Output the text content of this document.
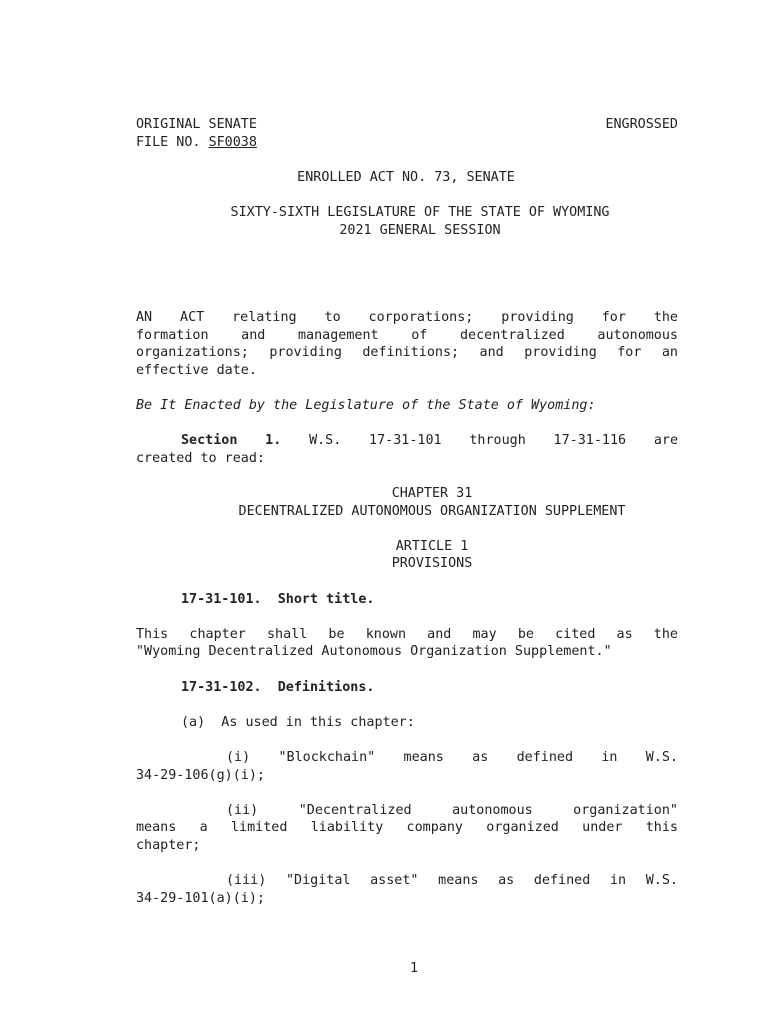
ORIGINAL SENATE	ENGROSSED
FILE NO. SF0038

ENROLLED ACT NO. 73, SENATE

SIXTY-SIXTH LEGISLATURE OF THE STATE OF WYOMING

2021 GENERAL SESSION

AN ACT relating to corporations; providing for the

formation and management of decentralized autonomous

organizations; providing definitions; and providing for an

effective date.

Be It Enacted by the Legislature of the State of Wyoming:

Section 1. W.S. 17-31-101 through 17-31-116 are

created to read:

CHAPTER 31

DECENTRALIZED AUTONOMOUS ORGANIZATION SUPPLEMENT

ARTICLE 1

PROVISIONS

17-31-101.  Short title.

This chapter shall be known and may be cited as the

"Wyoming Decentralized Autonomous Organization Supplement."

17-31-102.  Definitions.

(a)  As used in this chapter:

(i) "Blockchain" means as defined in W.S.

34-29-106(g)(i);

(ii) "Decentralized autonomous organization"

means a limited liability company organized under this

chapter;

(iii) "Digital asset" means as defined in W.S.

34-29-101(a)(i);

1
